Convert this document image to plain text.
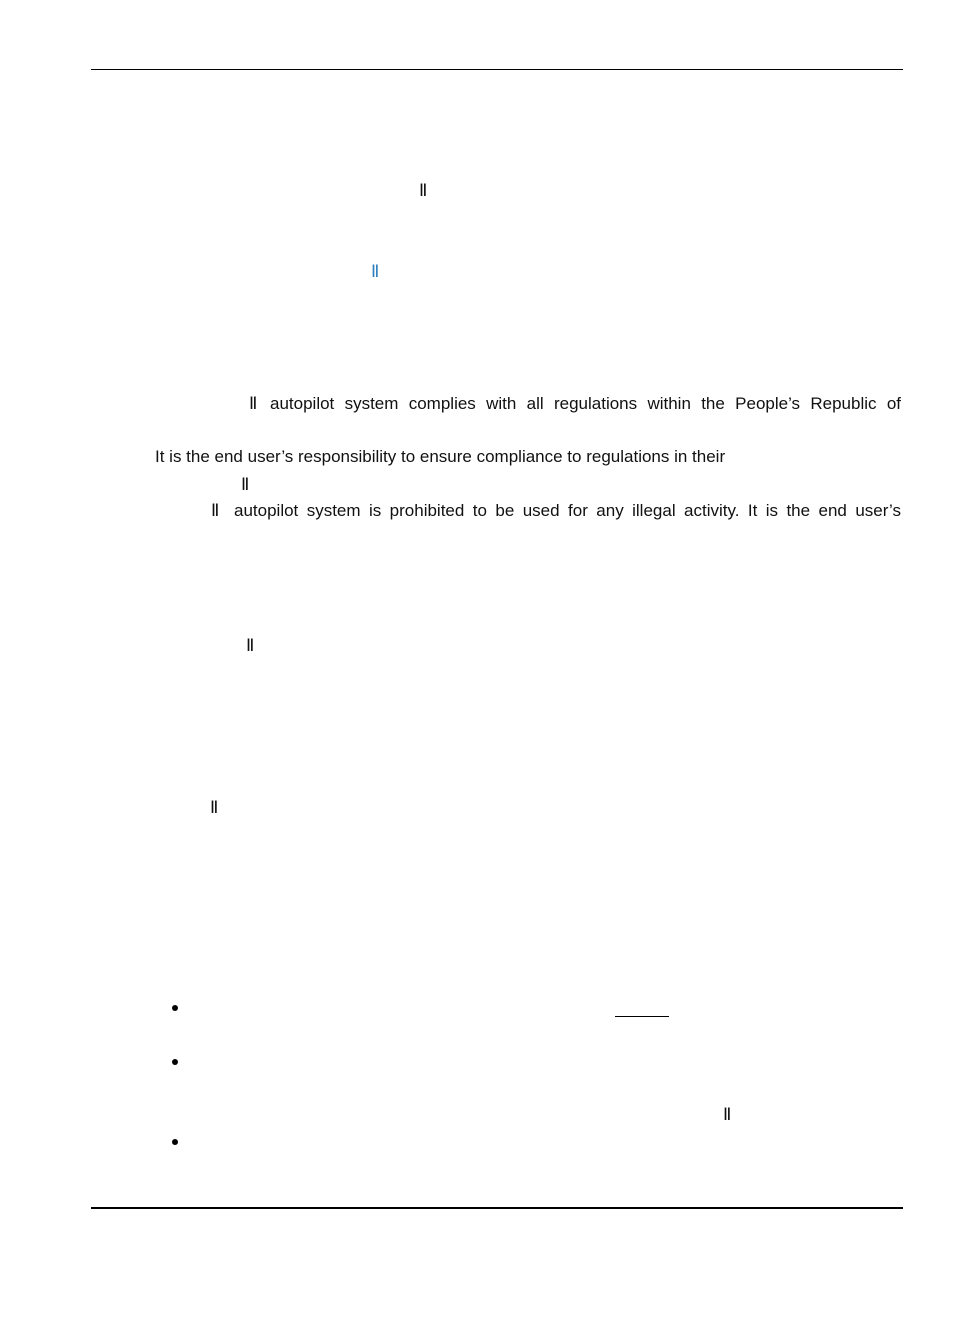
Ⅱ
Ⅱ
Ⅱ autopilot system complies with all regulations within the People’s Republic of
It is the end user’s responsibility to ensure compliance to regulations in their
Ⅱ
Ⅱ autopilot system is prohibited to be used for any illegal activity. It is the end user’s
Ⅱ
Ⅱ
Ⅱ
